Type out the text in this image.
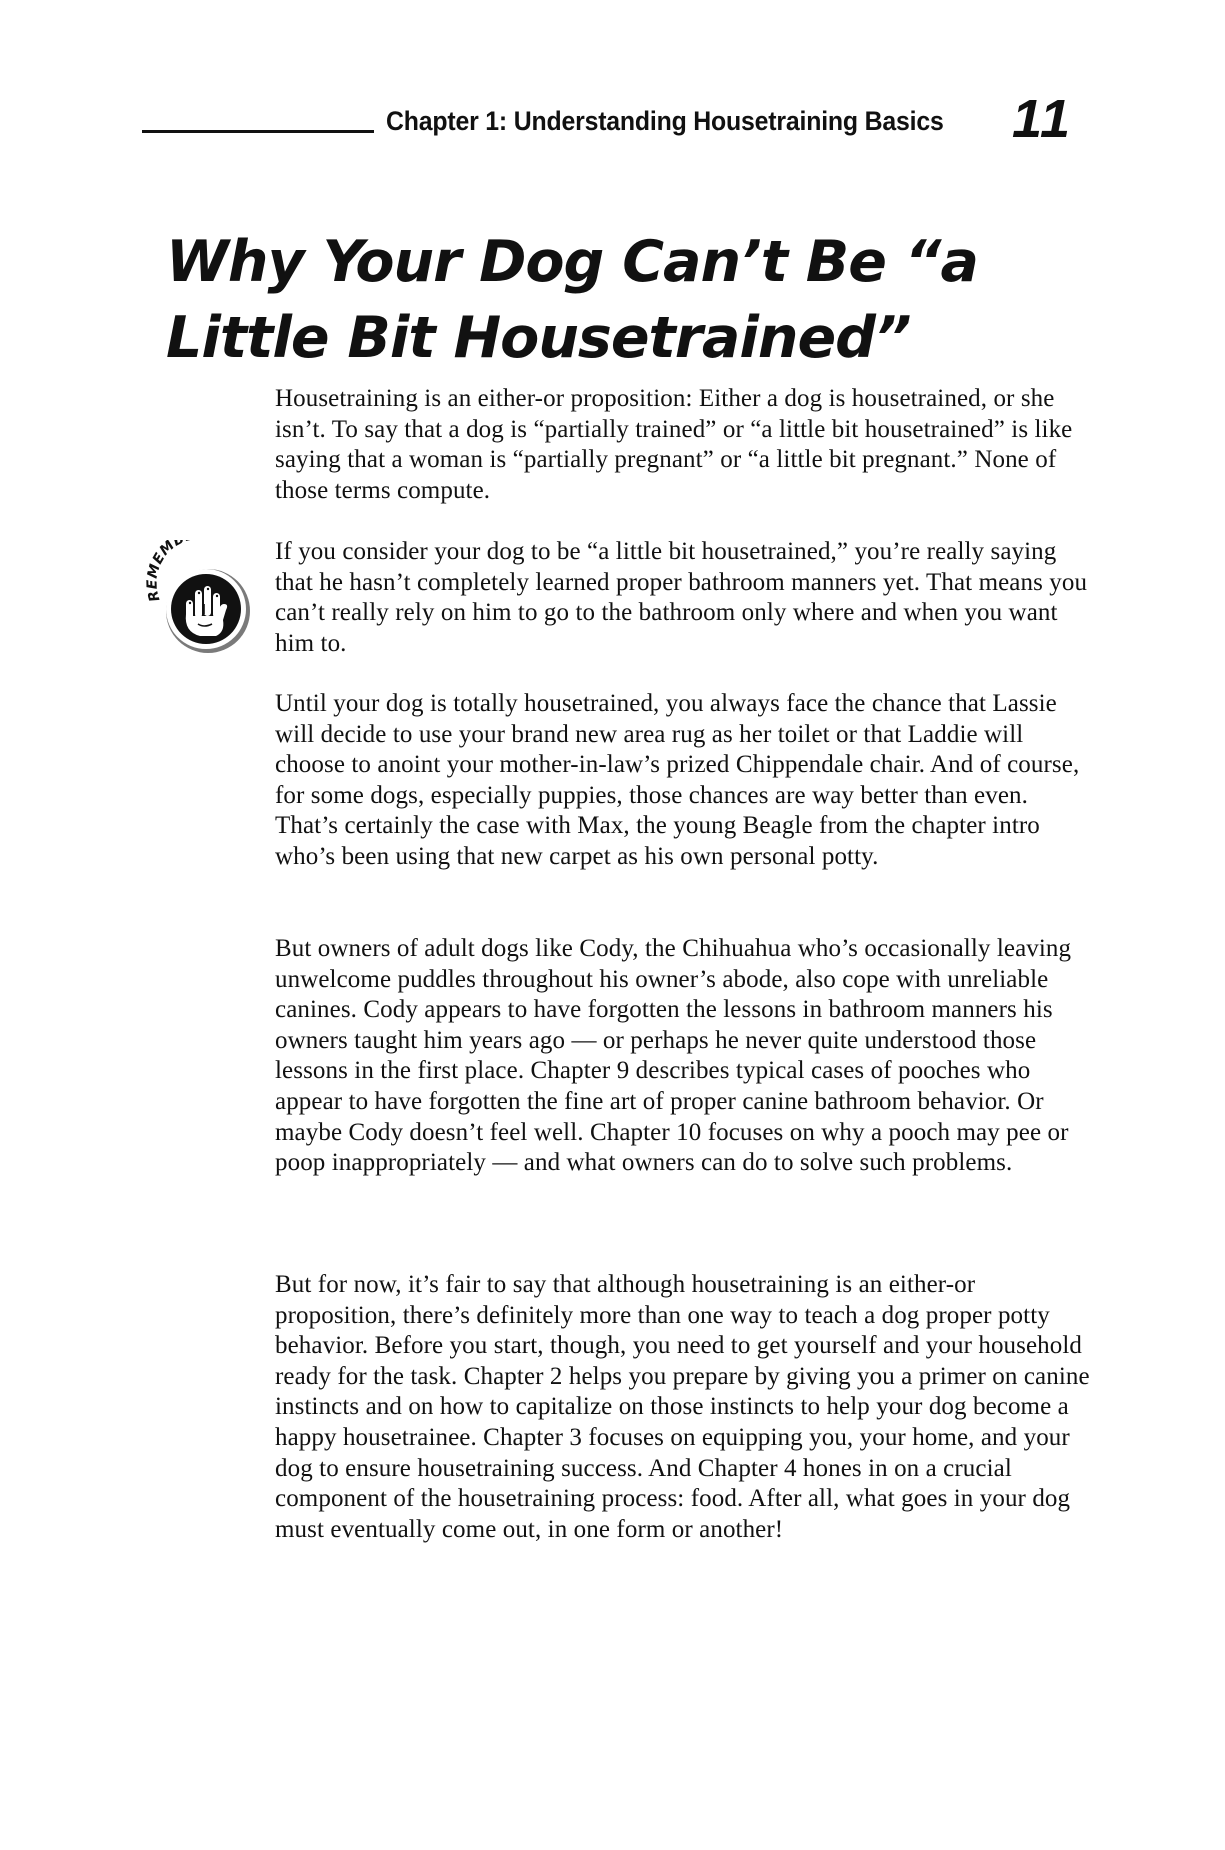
Chapter 1: Understanding Housetraining Basics 11
Why Your Dog Can’t Be “a Little Bit Housetrained”

Housetraining is an either-or proposition: Either a dog is housetrained, or she isn’t. To say that a dog is “partially trained” or “a little bit housetrained” is like saying that a woman is “partially pregnant” or “a little bit pregnant.” None of those terms compute.

REMEM	If you consider your dog to be “a little bit housetrained,” you’re really saying that he hasn’t completely learned proper bathroom manners yet. That means you can’t really rely on him to go to the bathroom only where and when you want him to.

Until your dog is totally housetrained, you always face the chance that Lassie will decide to use your brand new area rug as her toilet or that Laddie will choose to anoint your mother-in-law’s prized Chippendale chair. And of course, for some dogs, especially puppies, those chances are way better than even. That’s certainly the case with Max, the young Beagle from the chapter intro who’s been using that new carpet as his own personal potty.

But owners of adult dogs like Cody, the Chihuahua who’s occasionally leaving unwelcome puddles throughout his owner’s abode, also cope with unreliable canines. Cody appears to have forgotten the lessons in bathroom manners his owners taught him years ago — or perhaps he never quite understood those lessons in the first place. Chapter 9 describes typical cases of pooches who appear to have forgotten the fine art of proper canine bathroom behavior. Or maybe Cody doesn’t feel well. Chapter 10 focuses on why a pooch may pee or poop inappropriately — and what owners can do to solve such problems.

But for now, it’s fair to say that although housetraining is an either-or proposition, there’s definitely more than one way to teach a dog proper potty behavior. Before you start, though, you need to get yourself and your household ready for the task. Chapter 2 helps you prepare by giving you a primer on canine instincts and on how to capitalize on those instincts to help your dog become a happy housetrainee. Chapter 3 focuses on equipping you, your home, and your dog to ensure housetraining success. And Chapter 4 hones in on a crucial component of the housetraining process: food. After all, what goes in your dog must eventually come out, in one form or another!
